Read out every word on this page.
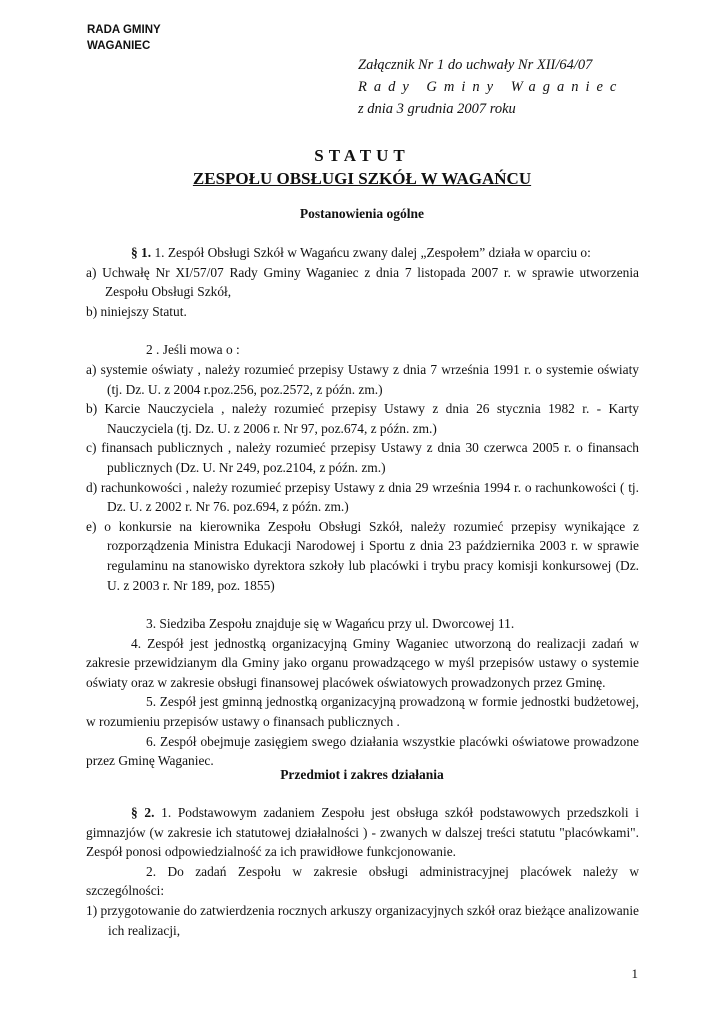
RADA GMINY
WAGANIEC
Załącznik Nr 1 do uchwały Nr XII/64/07
Rady Gminy Waganiec
z dnia 3 grudnia 2007 roku
STATUT
ZESPOŁU OBSŁUGI SZKÓŁ W WAGAŃCU
Postanowienia ogólne

§ 1. 1. Zespół Obsługi Szkół w Wagańcu zwany dalej „Zespołem” działa w oparciu o:

a) Uchwałę Nr XI/57/07 Rady Gminy Waganiec z dnia 7 listopada 2007 r. w sprawie utworzenia Zespołu Obsługi Szkół,

b) niniejszy Statut.

2 . Jeśli mowa o :

a) systemie oświaty , należy rozumieć przepisy Ustawy z dnia 7 września 1991 r. o systemie oświaty (tj. Dz. U. z 2004 r.poz.256, poz.2572, z późn. zm.)

b) Karcie Nauczyciela , należy rozumieć przepisy Ustawy z dnia 26 stycznia 1982 r. - Karty Nauczyciela (tj. Dz. U. z 2006 r. Nr 97, poz.674, z późn. zm.)

c) finansach publicznych , należy rozumieć przepisy Ustawy z dnia 30 czerwca 2005 r. o finansach publicznych (Dz. U. Nr 249, poz.2104, z późn. zm.)

d) rachunkowości , należy rozumieć przepisy Ustawy z dnia 29 września 1994 r. o rachunkowości ( tj. Dz. U. z 2002 r. Nr 76. poz.694, z późn. zm.)

e) o konkursie na kierownika Zespołu Obsługi Szkół, należy rozumieć przepisy wynikające z rozporządzenia Ministra Edukacji Narodowej i Sportu z dnia 23 października 2003 r. w sprawie regulaminu na stanowisko dyrektora szkoły lub placówki i trybu pracy komisji konkursowej (Dz. U. z 2003 r. Nr 189, poz. 1855)

3. Siedziba Zespołu znajduje się w Wagańcu przy ul. Dworcowej 11.

4. Zespół jest jednostką organizacyjną Gminy Waganiec utworzoną do realizacji zadań w zakresie przewidzianym dla Gminy jako organu prowadzącego w myśl przepisów ustawy o systemie oświaty oraz w zakresie obsługi finansowej placówek oświatowych prowadzonych przez Gminę.

5. Zespół jest gminną jednostką organizacyjną prowadzoną w formie jednostki budżetowej, w rozumieniu przepisów ustawy o finansach publicznych .

6. Zespół obejmuje zasięgiem swego działania wszystkie placówki oświatowe prowadzone przez Gminę Waganiec.

Przedmiot i zakres działania

§ 2. 1. Podstawowym zadaniem Zespołu jest obsługa szkół podstawowych przedszkoli i gimnazjów (w zakresie ich statutowej działalności ) - zwanych w dalszej treści statutu "placówkami". Zespół ponosi odpowiedzialność za ich prawidłowe funkcjonowanie.

2. Do zadań Zespołu w zakresie obsługi administracyjnej placówek należy w szczególności:

1) przygotowanie do zatwierdzenia rocznych arkuszy organizacyjnych szkół oraz bieżące analizowanie ich realizacji,

1
